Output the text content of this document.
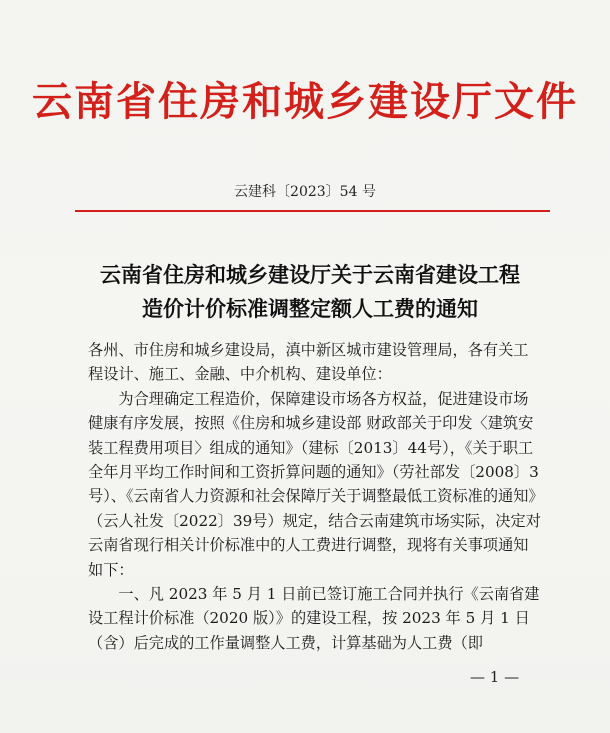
云南省住房和城乡建设厅文件
云建科〔2023〕54 号
云南省住房和城乡建设厅关于云南省建设工程
造价计价标准调整定额人工费的通知

各州、市住房和城乡建设局，滇中新区城市建设管理局，各有关工程设计、施工、金融、中介机构、建设单位：

为合理确定工程造价，保障建设市场各方权益，促进建设市场健康有序发展，按照《住房和城乡建设部 财政部关于印发〈建筑安装工程费用项目〉组成的通知》（建标〔2013〕44号），《关于职工全年月平均工作时间和工资折算问题的通知》（劳社部发〔2008〕3号）、《云南省人力资源和社会保障厅关于调整最低工资标准的通知》（云人社发〔2022〕39号）规定，结合云南建筑市场实际，决定对云南省现行相关计价标准中的人工费进行调整，现将有关事项通知如下：

一、凡 2023 年 5 月 1 日前已签订施工合同并执行《云南省建设工程计价标准（2020 版）》的建设工程，按 2023 年 5 月 1 日（含）后完成的工作量调整人工费，计算基础为人工费（即

— 1 —
